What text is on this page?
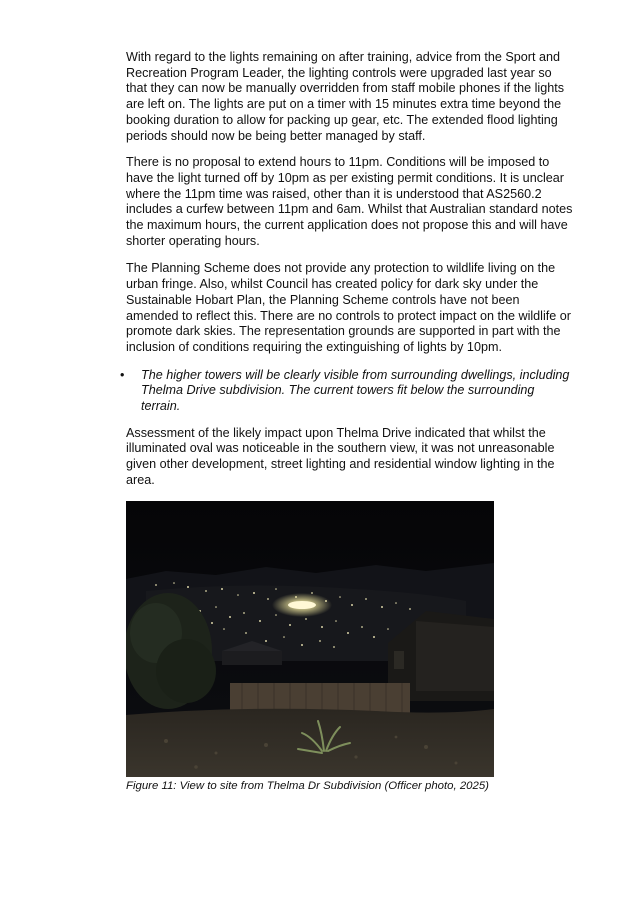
With regard to the lights remaining on after training, advice from the Sport and Recreation Program Leader, the lighting controls were upgraded last year so that they can now be manually overridden from staff mobile phones if the lights are left on. The lights are put on a timer with 15 minutes extra time beyond the booking duration to allow for packing up gear, etc. The extended flood lighting periods should now be being better managed by staff.

There is no proposal to extend hours to 11pm. Conditions will be imposed to have the light turned off by 10pm as per existing permit conditions. It is unclear where the 11pm time was raised, other than it is understood that AS2560.2 includes a curfew between 11pm and 6am. Whilst that Australian standard notes the maximum hours, the current application does not propose this and will have shorter operating hours.

The Planning Scheme does not provide any protection to wildlife living on the urban fringe. Also, whilst Council has created policy for dark sky under the Sustainable Hobart Plan, the Planning Scheme controls have not been amended to reflect this. There are no controls to protect impact on the wildlife or promote dark skies. The representation grounds are supported in part with the inclusion of conditions requiring the extinguishing of lights by 10pm.

• The higher towers will be clearly visible from surrounding dwellings, including Thelma Drive subdivision. The current towers fit below the surrounding terrain.

Assessment of the likely impact upon Thelma Drive indicated that whilst the illuminated oval was noticeable in the southern view, it was not unreasonable given other development, street lighting and residential window lighting in the area.

Figure 11: View to site from Thelma Dr Subdivision (Officer photo, 2025)
